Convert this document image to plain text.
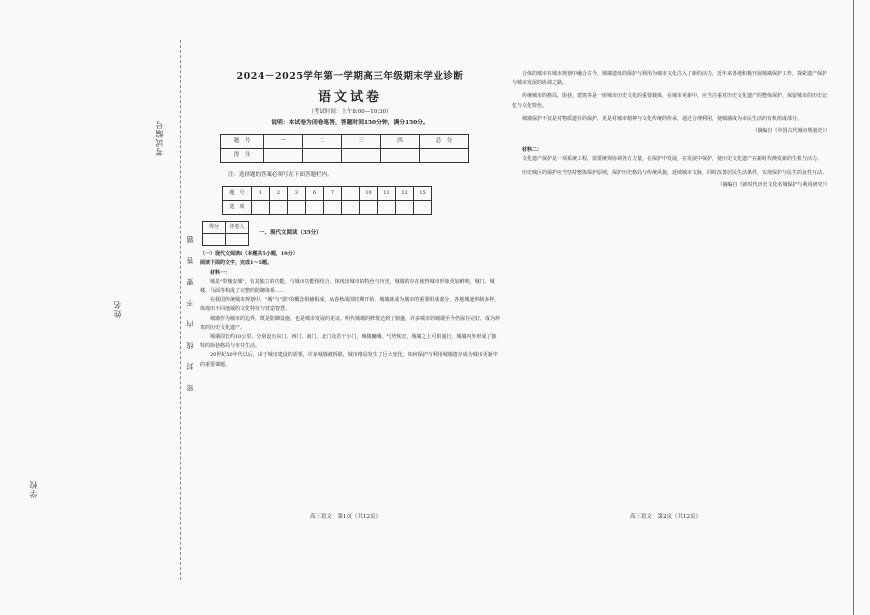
考试编号
姓名
学校
密 封 线 内 不 要 答 题
2024－2025学年第一学期高三年级期末学业诊断
语文试卷
（考试时间：上午8:00—10:30）
说明：本试卷为闭卷笔答，答题时间150分钟，满分150分。
题　号	一	二	三	四	总　分
得　分					
注：选择题的答案必须写在下面答题栏内。
题　号	1	2	3	6	7		10	11	12	15
选　项										
得分	评卷人

一、现代文阅读（35分）
（一）现代文阅读Ⅰ（本题共5小题，19分）
阅读下面的文字，完成1～5题。
材料一：

城是"带城安城"，有其独立的功能，与城市功能相结合，体现出城市的特色与历史，城墙的存在使得城市形象更加鲜明，城门、城楼、马面等构成了完整的防御体系……

在我国传统城市规划中，"城"与"郭"的概念相辅相成，从春秋战国时期开始，城墙就成为城市的重要组成部分，各地城池形制多样，体现出不同地域的文化特征与营造智慧。

城墙作为城市的边界，既是防御设施，也是城市发展的见证。明代城墙的修筑达到了鼎盛，许多城市的城墙至今仍保存完好，成为珍贵的历史文化遗产。

城墙周长约10公里，分别设有东门、西门、南门、北门及若干小门，城楼巍峨，气势恢宏，城墙之上可供通行，城墙内外形成了独特的街巷格局与市井生活。

20世纪50年代以后，由于城市建设的需要，许多城墙被拆除，城市格局发生了巨大变化，如何保护与利用城墙遗存成为城市更新中的重要课题。

高三语文　第1页（共12页）

合体的城市在城市规划中融合古今，城墙遗址的保护与利用为城市文化注入了新的活力，近年来各地积极开展城墙保护工作，探索遗产保护与城市发展的协调之路。

传统城市的格局、街巷、建筑等是一座城市历史文化的重要载体，在城市更新中，应当注重对历史文化遗产的整体保护，保留城市的历史记忆与文化特色。

城墙保护不仅是对物质遗存的保护，更是对城市精神与文化传统的传承，通过合理利用，使城墙成为市民生活的有机组成部分。

（摘编自《中国古代城市规划史》）
材料二：

文化遗产保护是一项系统工程，需要统筹协调各方力量，在保护中发展，在发展中保护，使历史文化遗产在新时代焕发新的生机与活力。

历史城区的保护应当坚持整体保护原则，保护历史格局与传统风貌，延续城市文脉，同时改善居民生活条件，实现保护与民生的良性互动。

（摘编自《新时代历史文化名城保护与利用研究》）
高三语文　第2页（共12页）
